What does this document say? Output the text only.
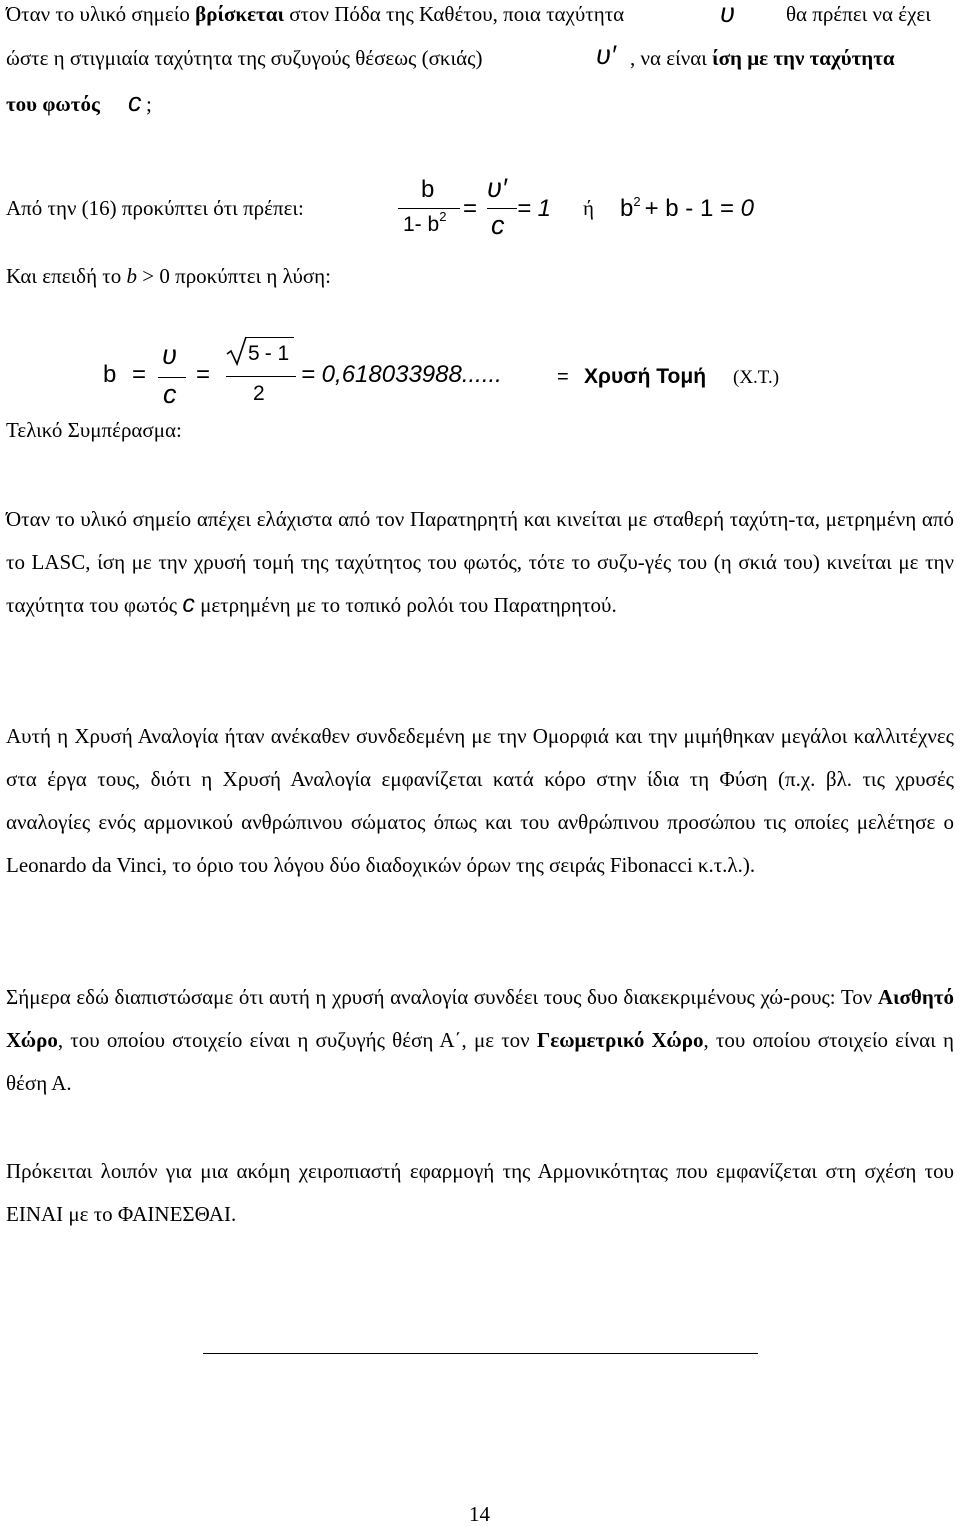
Όταν το υλικό σημείο βρίσκεται στον Πόδα της Καθέτου, ποια ταχύτητα	υ θα πρέπει να έχει
ώστε η στιγμιαία ταχύτητα της συζυγούς θέσεως (σκιάς)	υ′ , να είναι ίση με την ταχύτητα
του φωτός c ;
Από την (16) προκύπτει ότι πρέπει:
b
1- $b^2$ =
υ′
c
= 1 ή $b^2 + b - 1 = 0$
Και επειδή το b > 0 προκύπτει η λύση:
b =
υ
c
=
5 - 1
2
= 0,618033988......	= Χρυσή Τομή (Χ.Τ.)
Τελικό Συμπέρασμα:
Όταν το υλικό σημείο απέχει ελάχιστα από τον Παρατηρητή και κινείται με σταθερή ταχύτη-τα, μετρημένη από το LASC, ίση με την χρυσή τομή της ταχύτητος του φωτός, τότε το συζυ-γές του (η σκιά του) κινείται με την ταχύτητα του φωτός c μετρημένη με το τοπικό ρολόι του Παρατηρητού.
Αυτή η Χρυσή Αναλογία ήταν ανέκαθεν συνδεδεμένη με την Ομορφιά και την μιμήθηκαν μεγάλοι καλλιτέχνες στα έργα τους, διότι η Χρυσή Αναλογία εμφανίζεται κατά κόρο στην ίδια τη Φύση (π.χ. βλ. τις χρυσές αναλογίες ενός αρμονικού ανθρώπινου σώματος όπως και του ανθρώπινου προσώπου τις οποίες μελέτησε ο Leonardo da Vinci, το όριο του λόγου δύο διαδοχικών όρων της σειράς Fibonacci κ.τ.λ.).
Σήμερα εδώ διαπιστώσαμε ότι αυτή η χρυσή αναλογία συνδέει τους δυο διακεκριμένους χώ-ρους: Τον Αισθητό Χώρο, του οποίου στοιχείο είναι η συζυγής θέση Α΄, με τον Γεωμετρικό Χώρο, του οποίου στοιχείο είναι η θέση Α.
Πρόκειται λοιπόν για μια ακόμη χειροπιαστή εφαρμογή της Αρμονικότητας που εμφανίζεται στη σχέση του ΕΙΝΑΙ με το ΦΑΙΝΕΣΘΑΙ.
14
